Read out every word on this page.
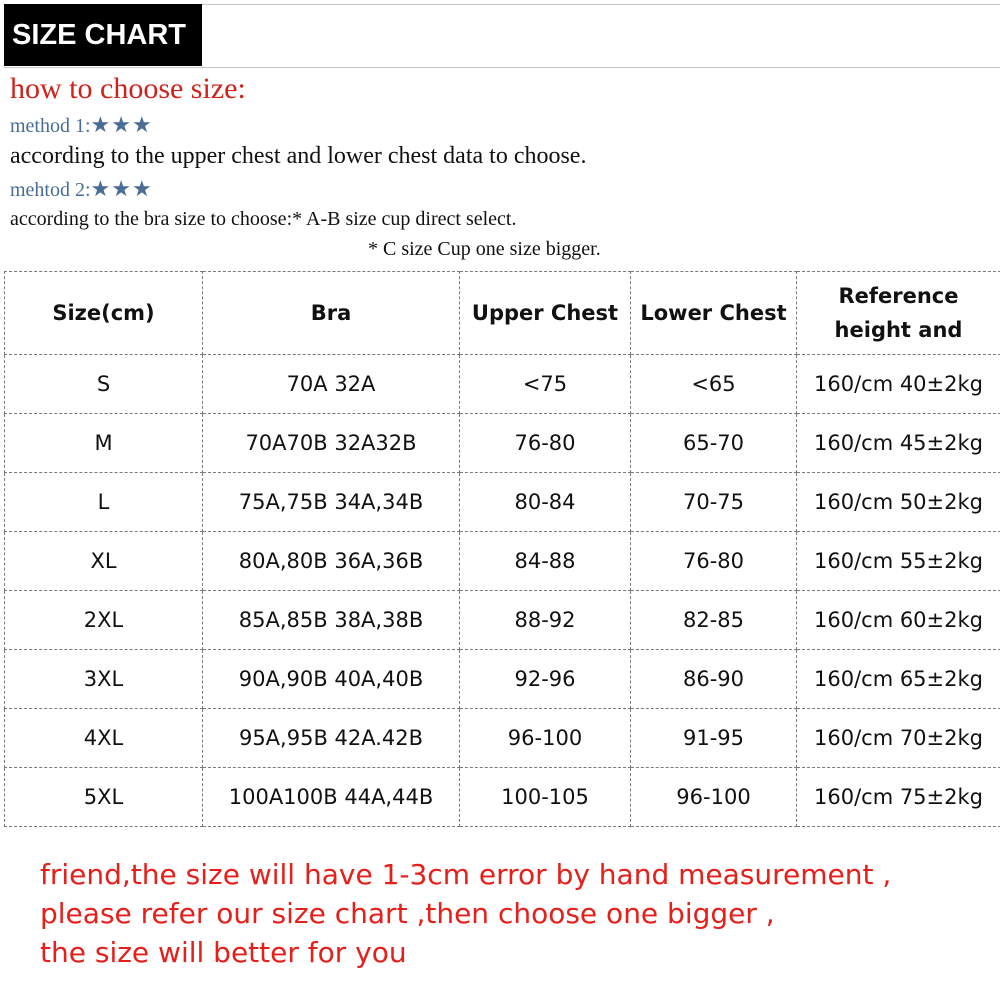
SIZE CHART
how to choose size:
method 1:★★★
according to the upper chest and lower chest data to choose.
mehtod 2:★★★
according to the bra size to choose:* A-B size cup direct select.
* C size Cup one size bigger.
Size(cm)	Bra	Upper Chest	Lower Chest	Reference height and
S	70A 32A	<75	<65	160/cm 40±2kg
M	70A70B 32A32B	76-80	65-70	160/cm 45±2kg
L	75A,75B 34A,34B	80-84	70-75	160/cm 50±2kg
XL	80A,80B 36A,36B	84-88	76-80	160/cm 55±2kg
2XL	85A,85B 38A,38B	88-92	82-85	160/cm 60±2kg
3XL	90A,90B 40A,40B	92-96	86-90	160/cm 65±2kg
4XL	95A,95B 42A.42B	96-100	91-95	160/cm 70±2kg
5XL	100A100B 44A,44B	100-105	96-100	160/cm 75±2kg
friend,the size will have 1-3cm error by hand measurement ,
please refer our size chart ,then choose one bigger ,
the size will better for you
